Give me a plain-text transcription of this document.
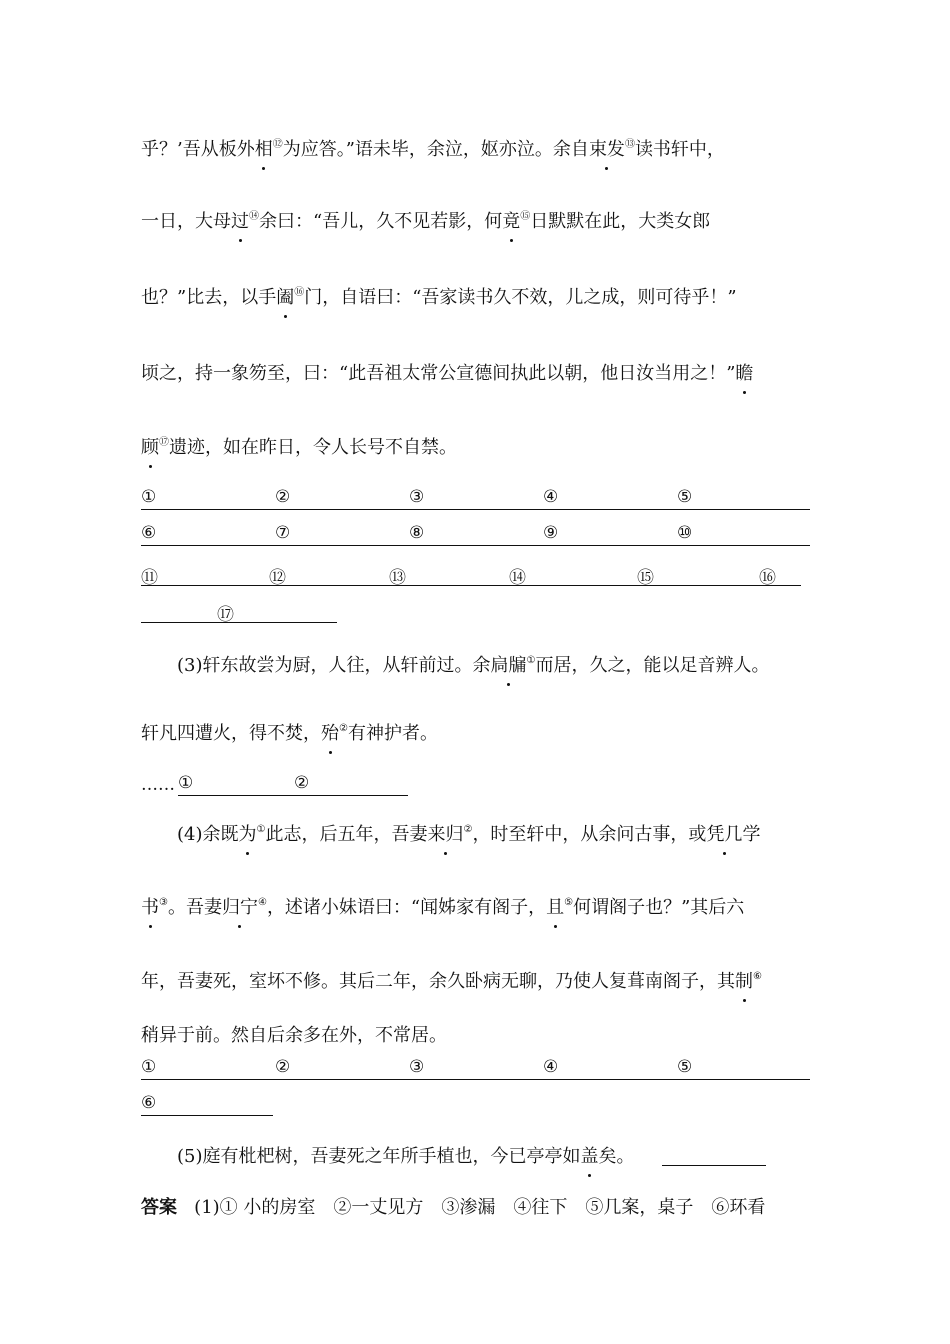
乎？’吾从板外相⑫为应答。”语未毕，余泣，妪亦泣。余自束发⑬读书轩中，
一日，大母过⑭余曰：“吾儿，久不见若影，何竟⑮日默默在此，大类女郎
也？”比去，以手阖⑯门，自语曰：“吾家读书久不效，儿之成，则可待乎！”
顷之，持一象笏至，曰：“此吾祖太常公宣德间执此以朝，他日汝当用之！”瞻
顾⑰遗迹，如在昨日，令人长号不自禁。
①	②	③	④	⑤
⑥	⑦	⑧	⑨	⑩
⑪	⑫	⑬	⑭	⑮	⑯
⑰
(3)轩东故尝为厨，人往，从轩前过。余扃牖①而居，久之，能以足音辨人。
轩凡四遭火，得不焚，殆②有神护者。
…… ①	②
(4)余既为①此志，后五年，吾妻来归②，时至轩中，从余问古事，或凭几学
书③。吾妻归宁④，述诸小妹语曰：“闻姊家有阁子，且⑤何谓阁子也？”其后六
年，吾妻死，室坏不修。其后二年，余久卧病无聊，乃使人复葺南阁子，其制⑥
稍异于前。然自后余多在外，不常居。
①	②	③	④	⑤
⑥
(5)庭有枇杷树，吾妻死之年所手植也，今已亭亭如盖矣。
答案 (1)① 小的房室　②一丈见方　③渗漏　④往下　⑤几案，桌子　⑥环看
